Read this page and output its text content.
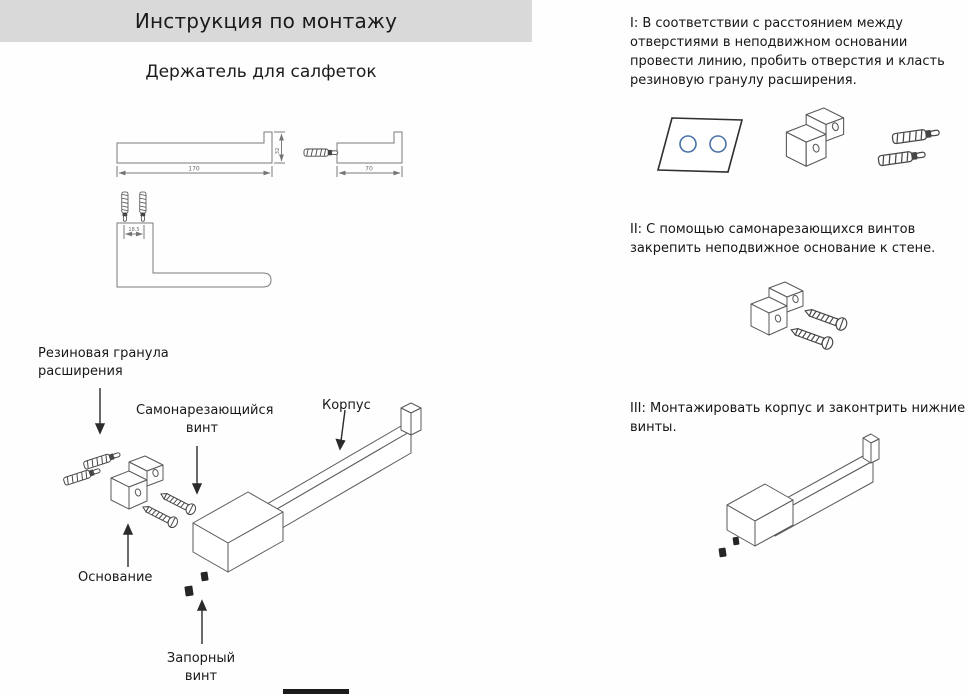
Инструкция по монтажу
Держатель для салфеток
32
170	70
18.5
Резиновая гранула расширения
Самонарезающийся винт
Корпус
Основание
Запорный винт

I: В соответствии с расстоянием между отверстиями в неподвижном основании провести линию, пробить отверстия и класть резиновую гранулу расширения.

II: С помощью самонарезающихся винтов закрепить неподвижное основание к стене.

III: Монтажировать корпус и законтрить нижние винты.
